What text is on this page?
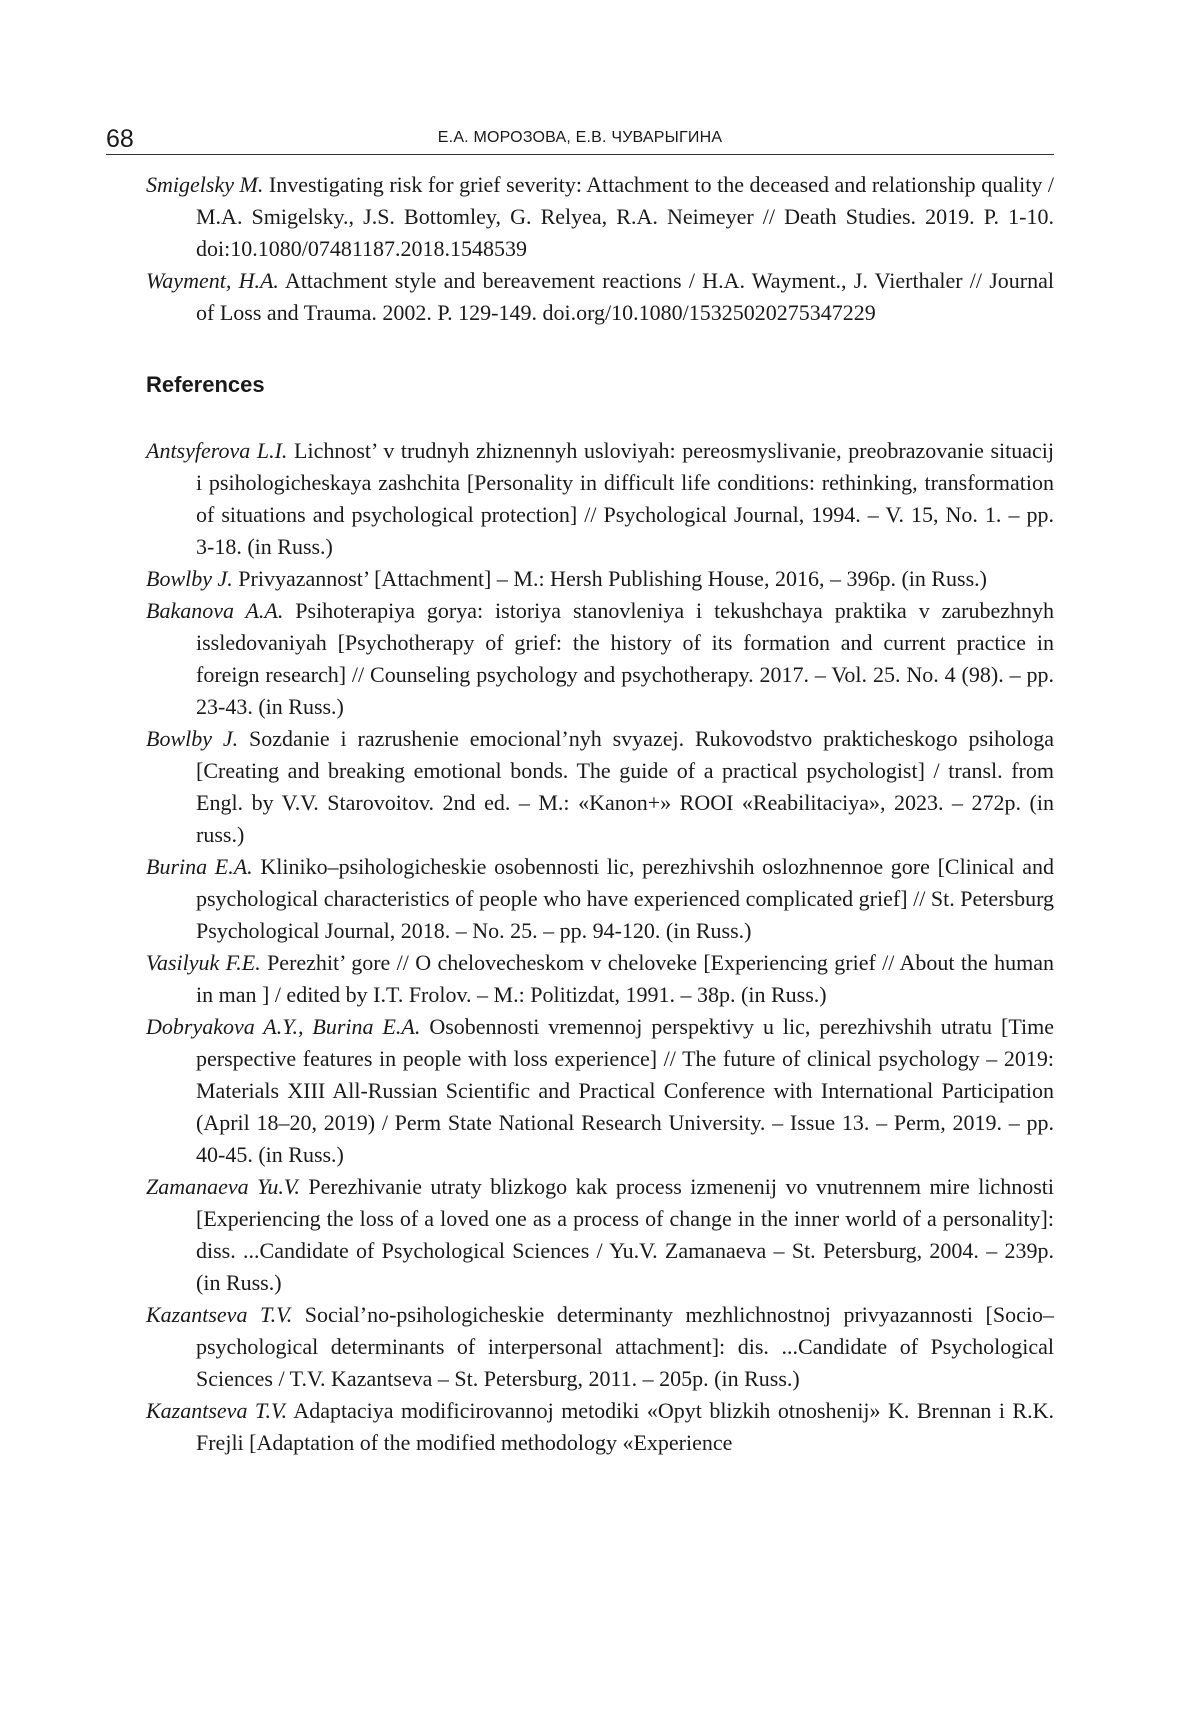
68	Е.А. МОРОЗОВА, Е.В. ЧУВАРЫГИНА

Smigelsky M. Investigating risk for grief severity: Attachment to the deceased and relationship quality / M.A. Smigelsky., J.S. Bottomley, G. Relyea, R.A. Neimeyer // Death Studies. 2019. P. 1-10. doi:10.1080/07481187.2018.1548539

Wayment, H.A. Attachment style and bereavement reactions / H.A. Wayment., J. Vierthaler // Journal of Loss and Trauma. 2002. P. 129-149. doi.org/10.1080/15325020275347229

References

Antsyferova L.I. Lichnost’ v trudnyh zhiznennyh usloviyah: pereosmyslivanie, preobrazovanie situacij i psihologicheskaya zashchita [Personality in difficult life conditions: rethinking, transformation of situations and psychological protection] // Psychological Journal, 1994. – V. 15, No. 1. – pp. 3-18. (in Russ.)

Bowlby J. Privyazannost’ [Attachment] – M.: Hersh Publishing House, 2016, – 396p. (in Russ.)

Bakanova A.A. Psihoterapiya gorya: istoriya stanovleniya i tekushchaya praktika v zarubezhnyh issledovaniyah [Psychotherapy of grief: the history of its formation and current practice in foreign research] // Counseling psychology and psychotherapy. 2017. – Vol. 25. No. 4 (98). – pp. 23-43. (in Russ.)

Bowlby J. Sozdanie i razrushenie emocional’nyh svyazej. Rukovodstvo prakticheskogo psihologa [Creating and breaking emotional bonds. The guide of a practical psychologist] / transl. from Engl. by V.V. Starovoitov. 2nd ed. – M.: «Kanon+» ROOI «Reabilitaciya», 2023. – 272p. (in russ.)

Burina E.A. Kliniko–psihologicheskie osobennosti lic, perezhivshih oslozhnennoe gore [Clinical and psychological characteristics of people who have experienced complicated grief] // St. Petersburg Psychological Journal, 2018. – No. 25. – pp. 94-120. (in Russ.)

Vasilyuk F.E. Perezhit’ gore // O chelovecheskom v cheloveke [Experiencing grief // About the human in man ] / edited by I.T. Frolov. – M.: Politizdat, 1991. – 38p. (in Russ.)

Dobryakova A.Y., Burina E.A. Osobennosti vremennoj perspektivy u lic, perezhivshih utratu [Time perspective features in people with loss experience] // The future of clinical psychology – 2019: Materials XIII All-Russian Scientific and Practical Conference with International Participation (April 18–20, 2019) / Perm State National Research University. – Issue 13. – Perm, 2019. – pp. 40-45. (in Russ.)

Zamanaeva Yu.V. Perezhivanie utraty blizkogo kak process izmenenij vo vnutrennem mire lichnosti [Experiencing the loss of a loved one as a process of change in the inner world of a personality]: diss. ...Candidate of Psychological Sciences / Yu.V. Zamanaeva – St. Petersburg, 2004. – 239p. (in Russ.)

Kazantseva T.V. Social’no-psihologicheskie determinanty mezhlichnostnoj privyazannosti [Socio–psychological determinants of interpersonal attachment]: dis. ...Candidate of Psychological Sciences / T.V. Kazantseva – St. Petersburg, 2011. – 205p. (in Russ.)

Kazantseva T.V. Adaptaciya modificirovannoj metodiki «Opyt blizkih otnoshenij» K. Brennan i R.K. Frejli [Adaptation of the modified methodology «Experience
